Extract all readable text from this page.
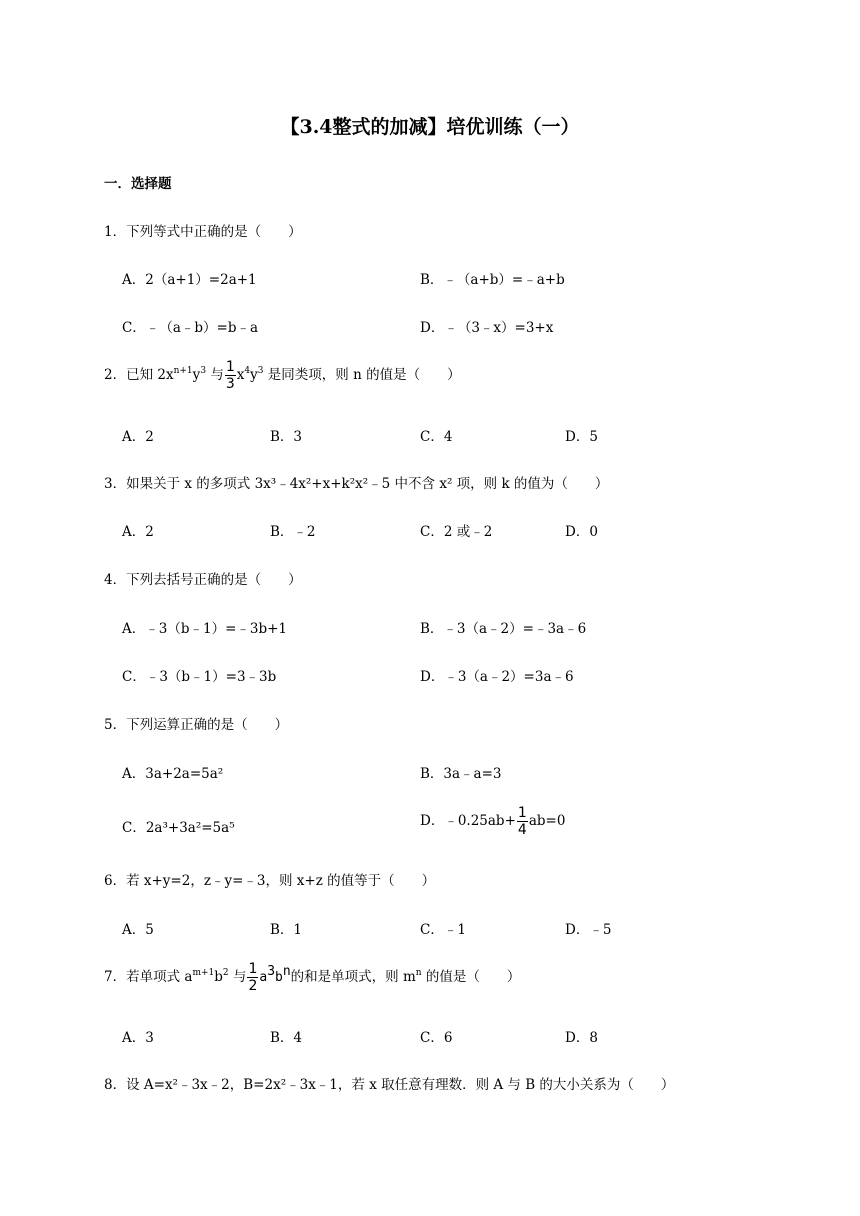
【3.4整式的加减】培优训练（一）
一．选择题
1．下列等式中正确的是（　　）
A．2（a+1）=2a+1	B．﹣（a+b）=﹣a+b
C．﹣（a﹣b）=b﹣a	D．﹣（3﹣x）=3+x
2．已知 $2x^{n+1}y^3$ 与 $\frac{1}{3} x^4y^3$ 是同类项，则 n 的值是（　　）
A．2	B．3	C．4	D．5
3．如果关于 x 的多项式 3x³﹣4x²+x+k²x²﹣5 中不含 x² 项，则 k 的值为（　　）
A．2	B．﹣2	C．2 或﹣2	D．0
4．下列去括号正确的是（　　）
A．﹣3（b﹣1）=﹣3b+1	B．﹣3（a﹣2）=﹣3a﹣6
C．﹣3（b﹣1）=3﹣3b	D．﹣3（a﹣2）=3a﹣6
5．下列运算正确的是（　　）
A．3a+2a=5a²	B．3a﹣a=3
C．2a³+3a²=5a⁵	D．﹣0.25ab+ $\frac{1}{4} ab=0$
6．若 x+y=2，z﹣y=﹣3，则 x+z 的值等于（　　）
A．5	B．1	C．﹣1	D．﹣5
7．若单项式 $a^{m+1}b^2$ 与 $\frac{1}{2} a^3b^n$的和是单项式，则 $m^n$ 的值是（　　）
A．3	B．4	C．6	D．8
8．设 A=x²﹣3x﹣2，B=2x²﹣3x﹣1，若 x 取任意有理数．则 A 与 B 的大小关系为（　　）
